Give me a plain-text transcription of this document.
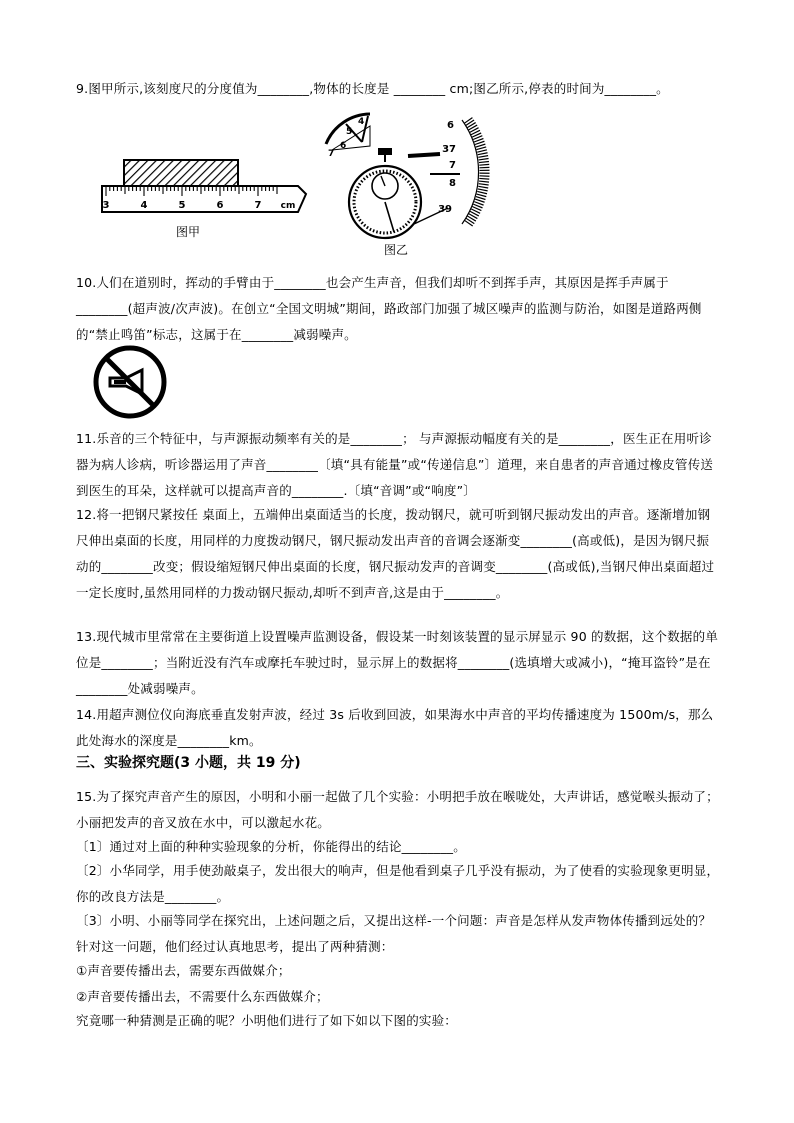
9.图甲所示,该刻度尺的分度值为________,物体的长度是 ________ cm;图乙所示,停表的时间为________。
3	4	5	6	7 cm
图甲
7
6
5
4	6
37
7
8
39
图乙
10.人们在道别时，挥动的手臂由于________也会产生声音，但我们却听不到挥手声，其原因是挥手声属于________(超声波/次声波)。在创立“全国文明城”期间，路政部门加强了城区噪声的监测与防治，如图是道路两侧的“禁止鸣笛”标志，这属于在________减弱噪声。
11.乐音的三个特征中，与声源振动频率有关的是________； 与声源振动幅度有关的是________，医生正在用听诊器为病人诊病，听诊器运用了声音________〔填“具有能量”或“传递信息”〕道理，来自患者的声音通过橡皮管传送到医生的耳朵，这样就可以提高声音的________.〔填“音调”或“响度”〕
12.将一把钢尺紧按任 桌面上，五端伸出桌面适当的长度，拨动钢尺，就可听到钢尺振动发出的声音。逐渐增加钢尺伸出桌面的长度，用同样的力度拨动钢尺，钢尺振动发出声音的音调会逐渐变________(高或低)，是因为钢尺振动的________改变；假设缩短钢尺伸出桌面的长度，钢尺振动发声的音调变________(高或低),当钢尺伸出桌面超过一定长度时,虽然用同样的力拨动钢尺振动,却听不到声音,这是由于________。
13.现代城市里常常在主要街道上设置噪声监测设备，假设某一时刻该装置的显示屏显示 90 的数据，这个数据的单位是________；当附近没有汽车或摩托车驶过时，显示屏上的数据将________(选填增大或减小)，“掩耳盗铃”是在________处减弱噪声。
14.用超声测位仪向海底垂直发射声波，经过 3s 后收到回波，如果海水中声音的平均传播速度为 1500m/s，那么此处海水的深度是________km。
三、实验探究题(3 小题，共 19 分)
15.为了探究声音产生的原因，小明和小丽一起做了几个实验：小明把手放在喉咙处，大声讲话，感觉喉头振动了；小丽把发声的音叉放在水中，可以激起水花。
〔1〕通过对上面的种种实验现象的分析，你能得出的结论________。
〔2〕小华同学，用手使劲敲桌子，发出很大的响声，但是他看到桌子几乎没有振动，为了使看的实验现象更明显，你的改良方法是________。
〔3〕小明、小丽等同学在探究出，上述问题之后，又提出这样-一个问题：声音是怎样从发声物体传播到远处的？针对这一问题，他们经过认真地思考，提出了两种猜测：
①声音要传播出去，需要东西做媒介；
②声音要传播出去，不需要什么东西做媒介；
究竟哪一种猜测是正确的呢？小明他们进行了如下如以下图的实验：
